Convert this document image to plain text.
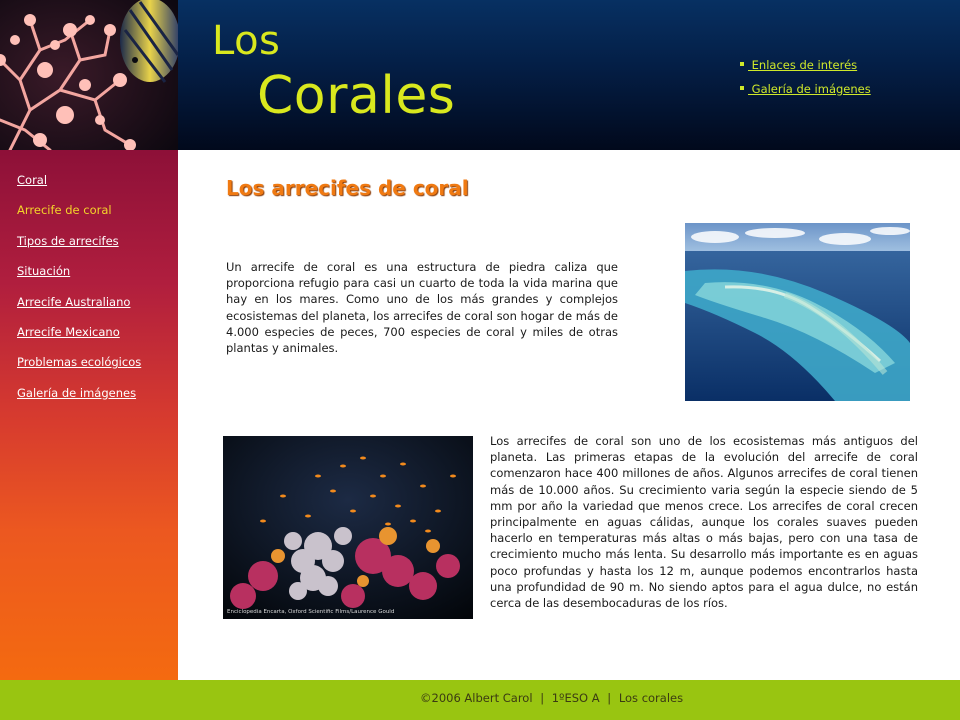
Los
Corales
Enlaces de interés
Galería de imágenes
Coral
Arrecife de coral
Tipos de arrecifes
Situación
Arrecife Australiano
Arrecife Mexicano
Problemas ecológicos
Galería de imágenes
Los arrecifes de coral

Un arrecife de coral es una estructura de piedra caliza que proporciona refugio para casi un cuarto de toda la vida marina que hay en los mares. Como uno de los más grandes y complejos ecosistemas del planeta, los arrecifes de coral son hogar de más de 4.000 especies de peces, 700 especies de coral y miles de otras plantas y animales.

Enciclopedia Encarta, Oxford Scientific Films/Laurence Gould

Los arrecifes de coral son uno de los ecosistemas más antiguos del planeta. Las primeras etapas de la evolución del arrecife de coral comenzaron hace 400 millones de años. Algunos arrecifes de coral tienen más de 10.000 años. Su crecimiento varia según la especie siendo de 5 mm por año la variedad que menos crece. Los arrecifes de coral crecen principalmente en aguas cálidas, aunque los corales suaves pueden hacerlo en temperaturas más altas o más bajas, pero con una tasa de crecimiento mucho más lenta. Su desarrollo más importante es en aguas poco profundas y hasta los 12 m, aunque podemos encontrarlos hasta una profundidad de 90 m. No siendo aptos para el agua dulce, no están cerca de las desembocaduras de los ríos.

©2006 Albert Carol | 1ºESO A | Los corales
